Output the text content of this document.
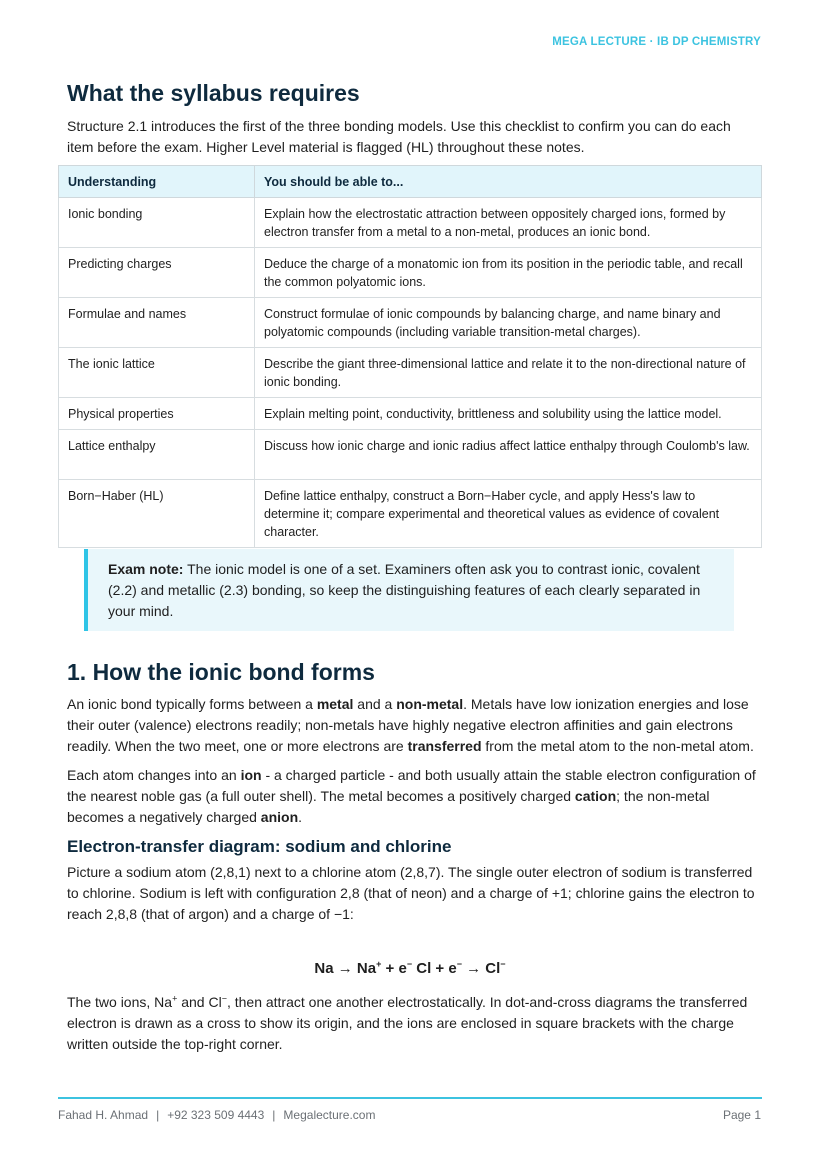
MEGA LECTURE · IB DP CHEMISTRY
What the syllabus requires

Structure 2.1 introduces the first of the three bonding models. Use this checklist to confirm you can do each item before the exam. Higher Level material is flagged (HL) throughout these notes.

Understanding	You should be able to...
Ionic bonding	Explain how the electrostatic attraction between oppositely charged ions, formed by electron transfer from a metal to a non-metal, produces an ionic bond.
Predicting charges	Deduce the charge of a monatomic ion from its position in the periodic table, and recall the common polyatomic ions.
Formulae and names	Construct formulae of ionic compounds by balancing charge, and name binary and polyatomic compounds (including variable transition-metal charges).
The ionic lattice	Describe the giant three-dimensional lattice and relate it to the non-directional nature of ionic bonding.
Physical properties	Explain melting point, conductivity, brittleness and solubility using the lattice model.
Lattice enthalpy	Discuss how ionic charge and ionic radius affect lattice enthalpy through Coulomb's law.
Born−Haber (HL)	Define lattice enthalpy, construct a Born−Haber cycle, and apply Hess's law to determine it; compare experimental and theoretical values as evidence of covalent character.
Exam note: The ionic model is one of a set. Examiners often ask you to contrast ionic, covalent (2.2) and metallic (2.3) bonding, so keep the distinguishing features of each clearly separated in your mind.
1. How the ionic bond forms

An ionic bond typically forms between a metal and a non-metal. Metals have low ionization energies and lose their outer (valence) electrons readily; non-metals have highly negative electron affinities and gain electrons readily. When the two meet, one or more electrons are transferred from the metal atom to the non-metal atom.

Each atom changes into an ion - a charged particle - and both usually attain the stable electron configuration of the nearest noble gas (a full outer shell). The metal becomes a positively charged cation; the non-metal becomes a negatively charged anion.

Electron-transfer diagram: sodium and chlorine

Picture a sodium atom (2,8,1) next to a chlorine atom (2,8,7). The single outer electron of sodium is transferred to chlorine. Sodium is left with configuration 2,8 (that of neon) and a charge of +1; chlorine gains the electron to reach 2,8,8 (that of argon) and a charge of −1:

Na → Na+ + e− Cl + e− → Cl−

The two ions, Na+ and Cl−, then attract one another electrostatically. In dot-and-cross diagrams the transferred electron is drawn as a cross to show its origin, and the ions are enclosed in square brackets with the charge written outside the top-right corner.

Fahad H. Ahmad | +92 323 509 4443 | Megalecture.com	Page 1
